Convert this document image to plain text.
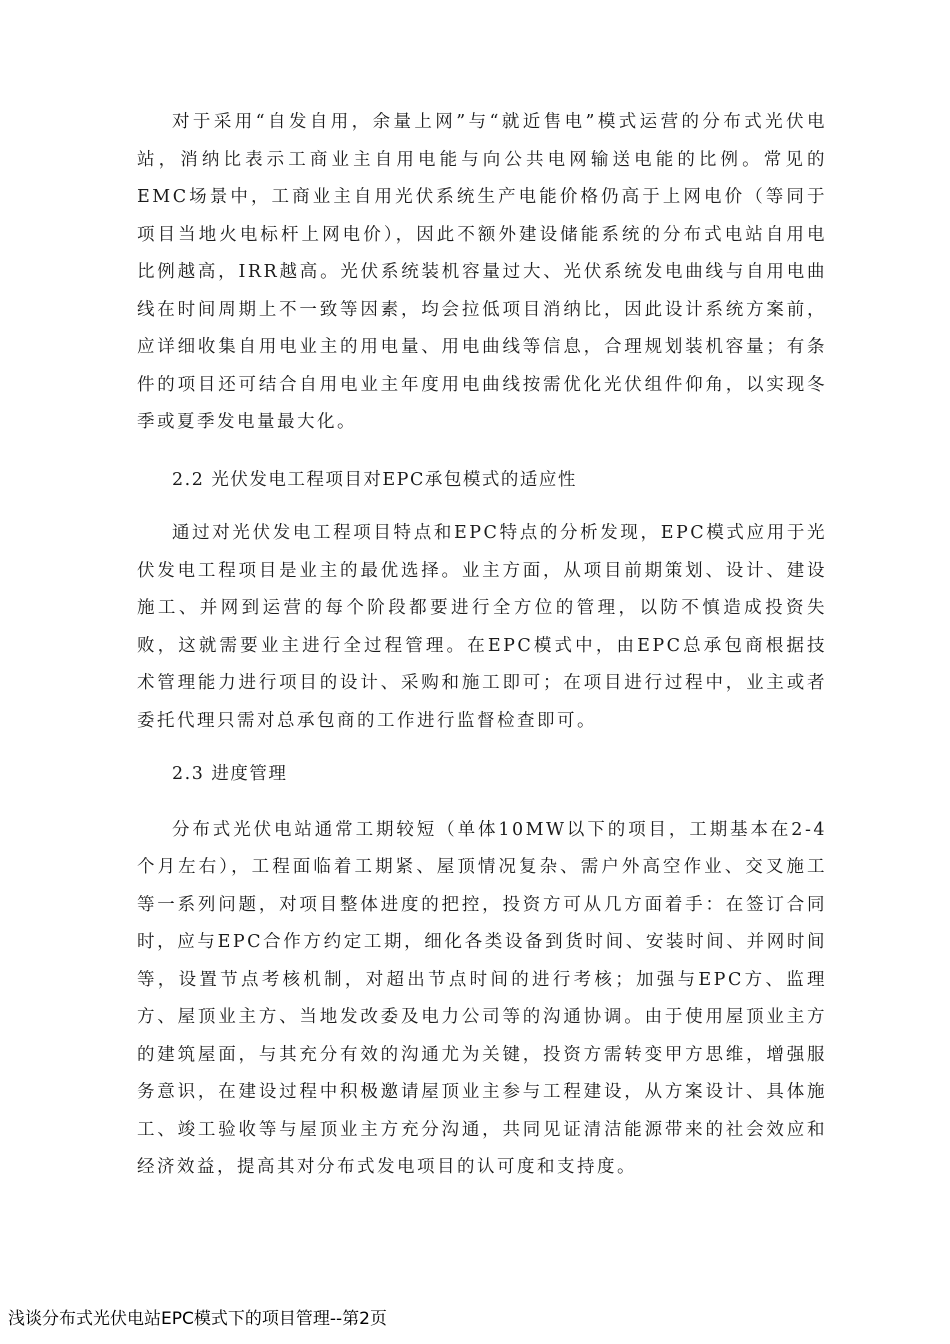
对于采用“自发自用，余量上网”与“就近售电”模式运营的分布式光伏电站，消纳比表示工商业主自用电能与向公共电网输送电能的比例。常见的EMC场景中，工商业主自用光伏系统生产电能价格仍高于上网电价（等同于项目当地火电标杆上网电价），因此不额外建设储能系统的分布式电站自用电比例越高，IRR越高。光伏系统装机容量过大、光伏系统发电曲线与自用电曲线在时间周期上不一致等因素，均会拉低项目消纳比，因此设计系统方案前，应详细收集自用电业主的用电量、用电曲线等信息，合理规划装机容量；有条件的项目还可结合自用电业主年度用电曲线按需优化光伏组件仰角，以实现冬季或夏季发电量最大化。

2.2 光伏发电工程项目对EPC承包模式的适应性

通过对光伏发电工程项目特点和EPC特点的分析发现，EPC模式应用于光伏发电工程项目是业主的最优选择。业主方面，从项目前期策划、设计、建设施工、并网到运营的每个阶段都要进行全方位的管理，以防不慎造成投资失败，这就需要业主进行全过程管理。在EPC模式中，由EPC总承包商根据技术管理能力进行项目的设计、采购和施工即可；在项目进行过程中，业主或者委托代理只需对总承包商的工作进行监督检查即可。

2.3 进度管理

分布式光伏电站通常工期较短（单体10MW以下的项目，工期基本在2-4个月左右），工程面临着工期紧、屋顶情况复杂、需户外高空作业、交叉施工等一系列问题，对项目整体进度的把控，投资方可从几方面着手：在签订合同时，应与EPC合作方约定工期，细化各类设备到货时间、安装时间、并网时间等，设置节点考核机制，对超出节点时间的进行考核；加强与EPC方、监理方、屋顶业主方、当地发改委及电力公司等的沟通协调。由于使用屋顶业主方的建筑屋面，与其充分有效的沟通尤为关键，投资方需转变甲方思维，增强服务意识，在建设过程中积极邀请屋顶业主参与工程建设，从方案设计、具体施工、竣工验收等与屋顶业主方充分沟通，共同见证清洁能源带来的社会效应和经济效益，提高其对分布式发电项目的认可度和支持度。

浅谈分布式光伏电站EPC模式下的项目管理--第2页
